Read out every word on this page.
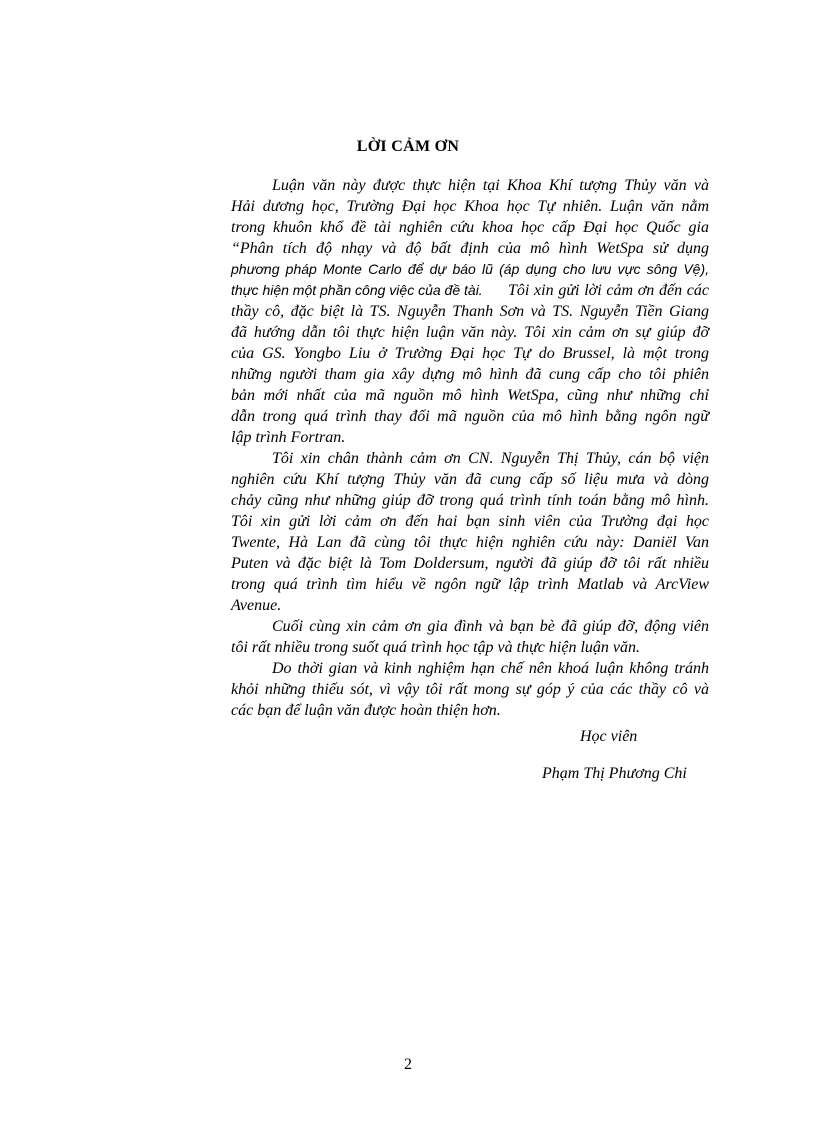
LỜI CẢM ƠN
Luận văn này được thực hiện tại Khoa Khí tượng Thủy văn và
Hải dương học, Trường Đại học Khoa học Tự nhiên. Luận văn nằm
trong khuôn khổ đề tài nghiên cứu khoa học cấp Đại học Quốc gia
“Phân tích độ nhạy và độ bất định của mô hình WetSpa sử dụng
phương pháp Monte Carlo để dự báo lũ (áp dụng cho lưu vực sông Vệ),
thực hiện một phần công việc của đề tài. Tôi xin gửi lời cảm ơn đến các
thầy cô, đặc biệt là TS. Nguyễn Thanh Sơn và TS. Nguyễn Tiền Giang
đã hướng dẫn tôi thực hiện luận văn này. Tôi xin cảm ơn sự giúp đỡ
của GS. Yongbo Liu ở Trường Đại học Tự do Brussel, là một trong
những người tham gia xây dựng mô hình đã cung cấp cho tôi phiên
bản mới nhất của mã nguồn mô hình WetSpa, cũng như những chỉ
dẫn trong quá trình thay đổi mã nguồn của mô hình bằng ngôn ngữ
lập trình Fortran.
Tôi xin chân thành cảm ơn CN. Nguyễn Thị Thủy, cán bộ viện
nghiên cứu Khí tượng Thủy văn đã cung cấp số liệu mưa và dòng
chảy cũng như những giúp đỡ trong quá trình tính toán bằng mô hình.
Tôi xin gửi lời cảm ơn đến hai bạn sinh viên của Trường đại học
Twente, Hà Lan đã cùng tôi thực hiện nghiên cứu này: Daniël Van
Puten và đặc biệt là Tom Doldersum, người đã giúp đỡ tôi rất nhiều
trong quá trình tìm hiểu về ngôn ngữ lập trình Matlab và ArcView
Avenue.
Cuối cùng xin cảm ơn gia đình và bạn bè đã giúp đỡ, động viên
tôi rất nhiều trong suốt quá trình học tập và thực hiện luận văn.
Do thời gian và kinh nghiệm hạn chế nên khoá luận không tránh
khỏi những thiếu sót, vì vậy tôi rất mong sự góp ý của các thầy cô và
các bạn để luận văn được hoàn thiện hơn.
Học viên
Phạm Thị Phương Chi
2
